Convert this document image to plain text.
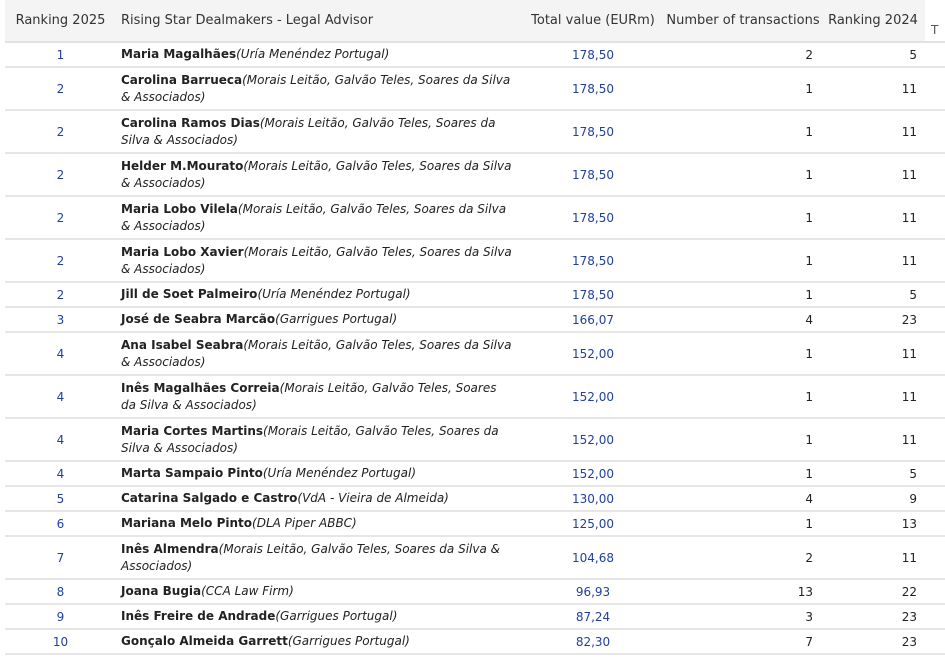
Ranking 2025	Rising Star Dealmakers - Legal Advisor	Total value (EURm)	Number of transactions	Ranking 2024	T
1	Maria Magalhães(Uría Menéndez Portugal)	178,50	2	5	
2	Carolina Barrueca(Morais Leitão, Galvão Teles, Soares da Silva & Associados)	178,50	1	11	
2	Carolina Ramos Dias(Morais Leitão, Galvão Teles, Soares da Silva & Associados)	178,50	1	11	
2	Helder M.Mourato(Morais Leitão, Galvão Teles, Soares da Silva & Associados)	178,50	1	11	
2	Maria Lobo Vilela(Morais Leitão, Galvão Teles, Soares da Silva & Associados)	178,50	1	11	
2	Maria Lobo Xavier(Morais Leitão, Galvão Teles, Soares da Silva & Associados)	178,50	1	11	
2	Jill de Soet Palmeiro(Uría Menéndez Portugal)	178,50	1	5	
3	José de Seabra Marcão(Garrigues Portugal)	166,07	4	23	
4	Ana Isabel Seabra(Morais Leitão, Galvão Teles, Soares da Silva & Associados)	152,00	1	11	
4	Inês Magalhães Correia(Morais Leitão, Galvão Teles, Soares da Silva & Associados)	152,00	1	11	
4	Maria Cortes Martins(Morais Leitão, Galvão Teles, Soares da Silva & Associados)	152,00	1	11	
4	Marta Sampaio Pinto(Uría Menéndez Portugal)	152,00	1	5	
5	Catarina Salgado e Castro(VdA - Vieira de Almeida)	130,00	4	9	
6	Mariana Melo Pinto(DLA Piper ABBC)	125,00	1	13	
7	Inês Almendra(Morais Leitão, Galvão Teles, Soares da Silva & Associados)	104,68	2	11	
8	Joana Bugia(CCA Law Firm)	96,93	13	22	
9	Inês Freire de Andrade(Garrigues Portugal)	87,24	3	23	
10	Gonçalo Almeida Garrett(Garrigues Portugal)	82,30	7	23	
